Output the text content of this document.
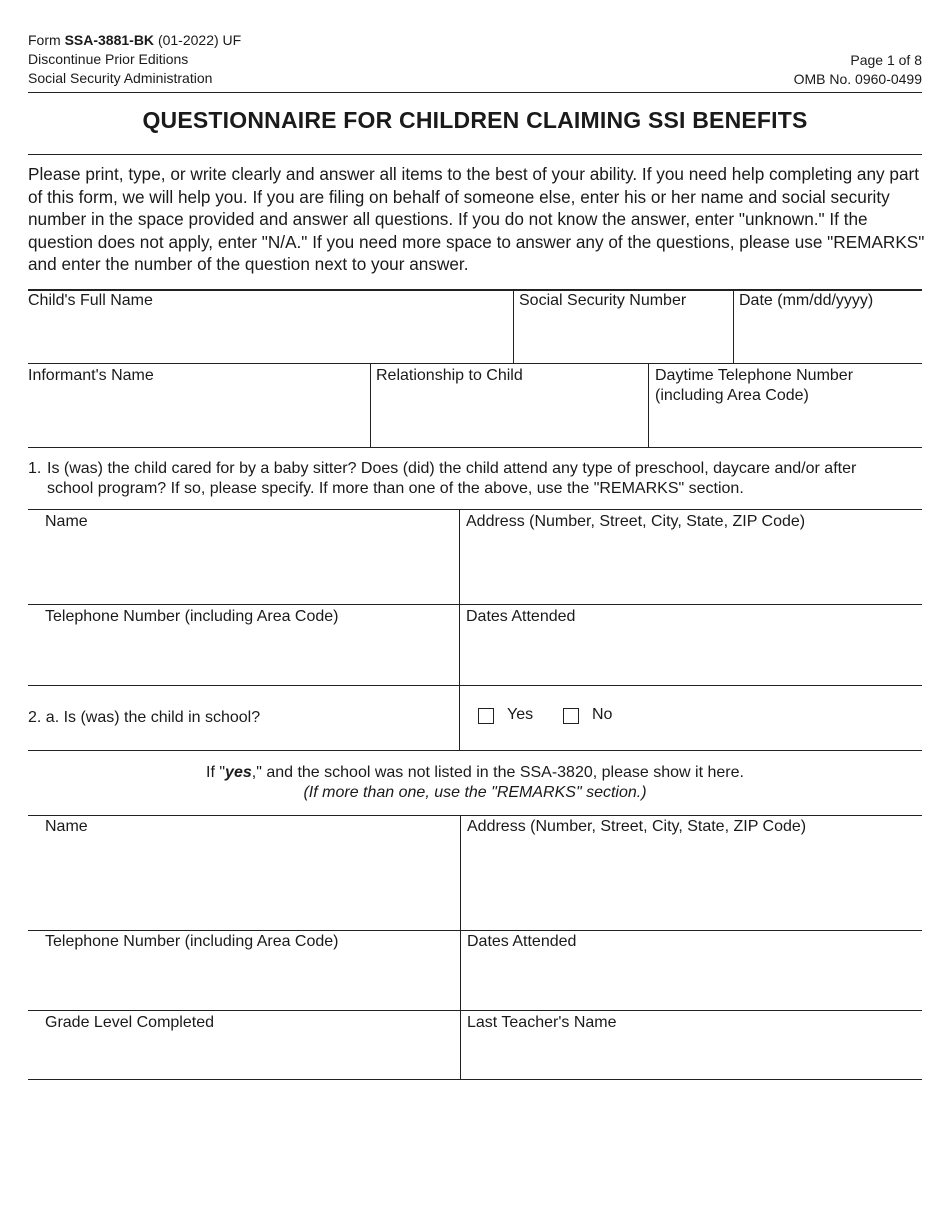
Form SSA-3881-BK (01-2022) UF
Discontinue Prior Editions
Social Security Administration
Page 1 of 8
OMB No. 0960-0499
QUESTIONNAIRE FOR CHILDREN CLAIMING SSI BENEFITS
Please print, type, or write clearly and answer all items to the best of your ability. If you need help completing any part of this form, we will help you. If you are filing on behalf of someone else, enter his or her name and social security number in the space provided and answer all questions. If you do not know the answer, enter "unknown." If the question does not apply, enter "N/A." If you need more space to answer any of the questions, please use "REMARKS" and enter the number of the question next to your answer.
Child's Full Name	Social Security Number	Date (mm/dd/yyyy)
Informant's Name	Relationship to Child	Daytime Telephone Number
(including Area Code)
1. Is (was) the child cared for by a baby sitter? Does (did) the child attend any type of preschool, daycare and/or after
school program? If so, please specify. If more than one of the above, use the "REMARKS" section.
Name	Address (Number, Street, City, State, ZIP Code)
Telephone Number (including Area Code)	Dates Attended
2. a. Is (was) the child in school?	Yes	No
If "yes," and the school was not listed in the SSA-3820, please show it here.
(If more than one, use the "REMARKS" section.)
Name	Address (Number, Street, City, State, ZIP Code)
Telephone Number (including Area Code)	Dates Attended
Grade Level Completed	Last Teacher's Name
